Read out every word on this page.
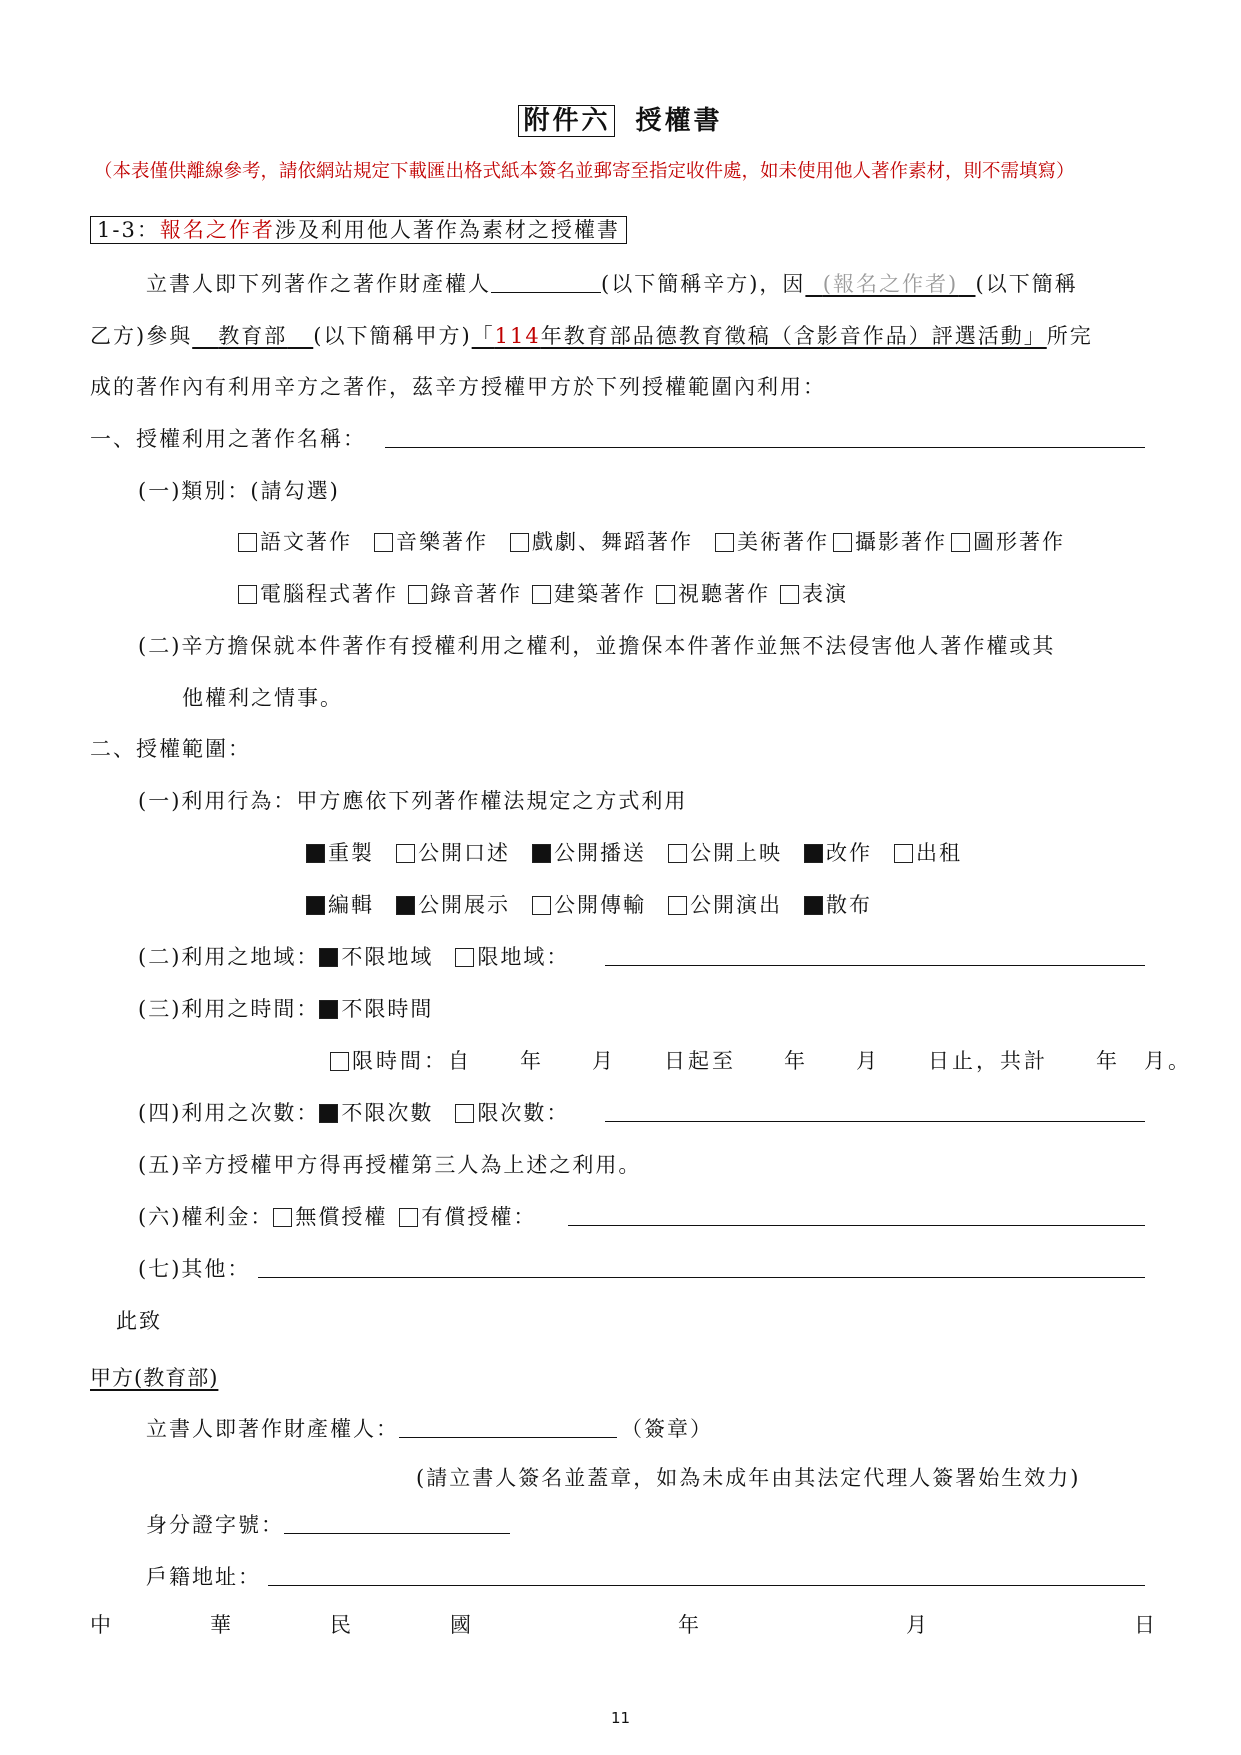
附件六 授權書
（本表僅供離線參考，請依網站規定下載匯出格式紙本簽名並郵寄至指定收件處，如未使用他人著作素材，則不需填寫）
1-3：報名之作者涉及利用他人著作為素材之授權書
立書人即下列著作之著作財產權人	(以下簡稱辛方)，因 (報名之作者) (以下簡稱
乙方)參與 教育部 (以下簡稱甲方)「114年教育部品德教育徵稿（含影音作品）評選活動」所完
成的著作內有利用辛方之著作，茲辛方授權甲方於下列授權範圍內利用：
一、授權利用之著作名稱：
(一)類別：(請勾選)
語文著作 音樂著作 戲劇、舞蹈著作 美術著作 攝影著作 圖形著作
電腦程式著作 錄音著作 建築著作 視聽著作 表演
(二)辛方擔保就本件著作有授權利用之權利，並擔保本件著作並無不法侵害他人著作權或其
他權利之情事。
二、授權範圍：
(一)利用行為：甲方應依下列著作權法規定之方式利用
重製 公開口述 公開播送 公開上映 改作 出租
編輯 公開展示 公開傳輸 公開演出 散布
(二)利用之地域： 不限地域 限地域：
(三)利用之時間： 不限時間
限時間：自　　年　　月　　日起至　　年　　月　　日止，共計　　年　月。
(四)利用之次數： 不限次數 限次數：
(五)辛方授權甲方得再授權第三人為上述之利用。
(六)權利金： 無償授權 有償授權：
(七)其他：
此致
甲方(教育部)
立書人即著作財產權人：	（簽章）
(請立書人簽名並蓋章，如為未成年由其法定代理人簽署始生效力)
身分證字號：
戶籍地址：
中	華	民	國	年	月	日
11
